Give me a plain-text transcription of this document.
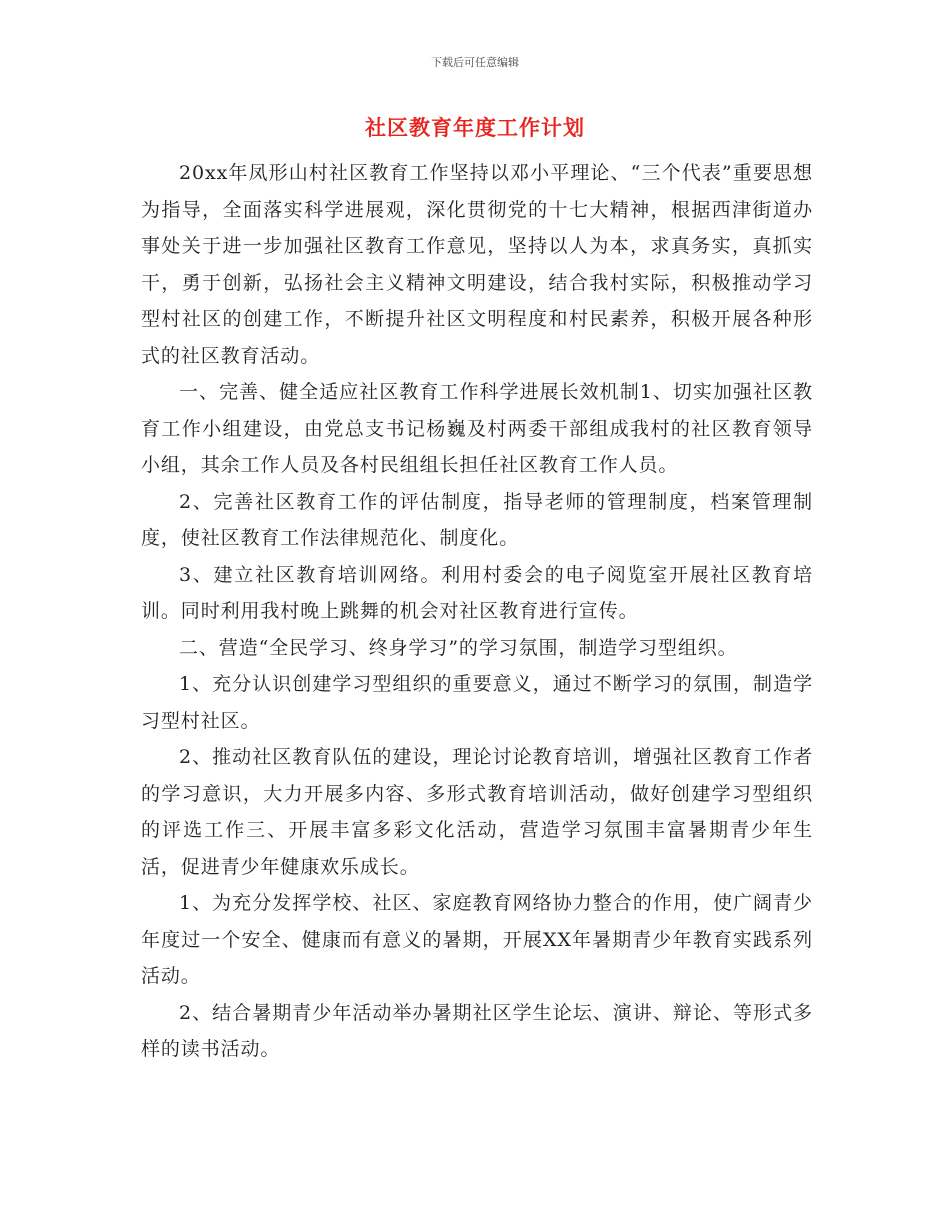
下载后可任意编辑
社区教育年度工作计划

20xx年凤形山村社区教育工作坚持以邓小平理论、“三个代表”重要思想为指导，全面落实科学进展观，深化贯彻党的十七大精神，根据西津街道办事处关于进一步加强社区教育工作意见，坚持以人为本，求真务实，真抓实干，勇于创新，弘扬社会主义精神文明建设，结合我村实际，积极推动学习型村社区的创建工作，不断提升社区文明程度和村民素养，积极开展各种形式的社区教育活动。

一、完善、健全适应社区教育工作科学进展长效机制1、切实加强社区教育工作小组建设，由党总支书记杨巍及村两委干部组成我村的社区教育领导小组，其余工作人员及各村民组组长担任社区教育工作人员。

2、完善社区教育工作的评估制度，指导老师的管理制度，档案管理制度，使社区教育工作法律规范化、制度化。

3、建立社区教育培训网络。利用村委会的电子阅览室开展社区教育培训。同时利用我村晚上跳舞的机会对社区教育进行宣传。

二、营造“全民学习、终身学习”的学习氛围，制造学习型组织。

1、充分认识创建学习型组织的重要意义，通过不断学习的氛围，制造学习型村社区。

2、推动社区教育队伍的建设，理论讨论教育培训，增强社区教育工作者的学习意识，大力开展多内容、多形式教育培训活动，做好创建学习型组织的评选工作三、开展丰富多彩文化活动，营造学习氛围丰富暑期青少年生活，促进青少年健康欢乐成长。

1、为充分发挥学校、社区、家庭教育网络协力整合的作用，使广阔青少年度过一个安全、健康而有意义的暑期，开展XX年暑期青少年教育实践系列活动。

2、结合暑期青少年活动举办暑期社区学生论坛、演讲、辩论、等形式多样的读书活动。
